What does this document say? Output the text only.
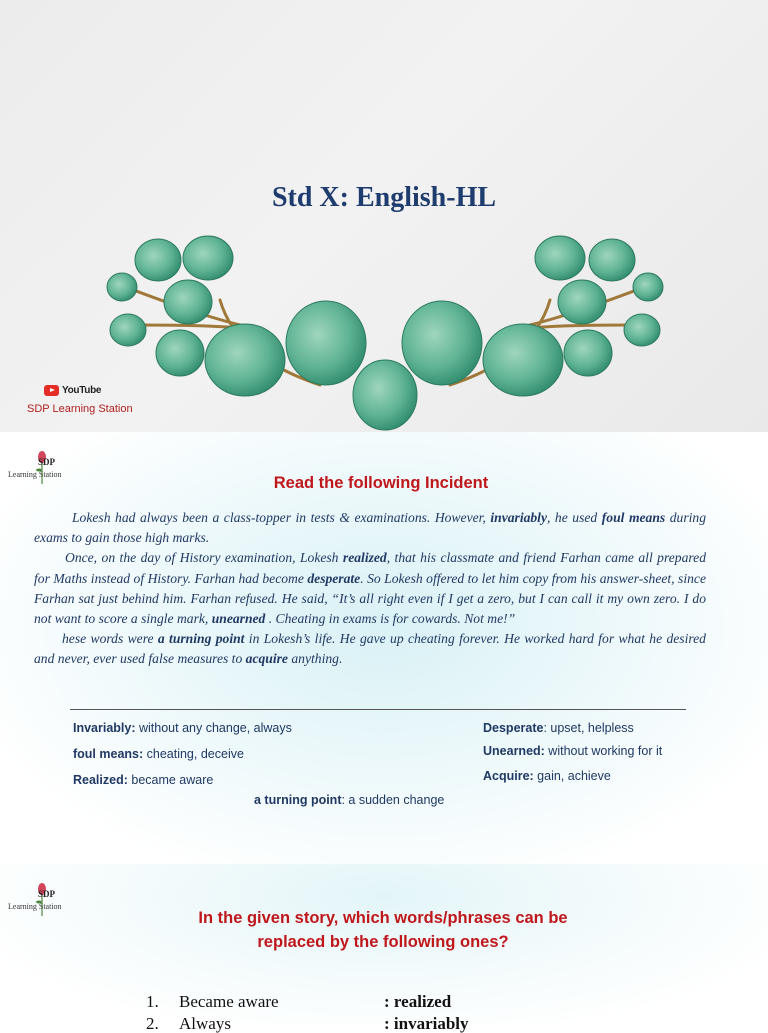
Std X: English-HL
YouTube
SDP Learning Station
SDP
Learning Station	Read the following Incident

Lokesh had always been a class-topper in tests & examinations. However, invariably, he used foul means during exams to gain those high marks.

Once, on the day of History examination, Lokesh realized, that his classmate and friend Farhan came all prepared for Maths instead of History. Farhan had become desperate. So Lokesh offered to let him copy from his answer-sheet, since Farhan sat just behind him. Farhan refused. He said, “It’s all right even if I get a zero, but I can call it my own zero. I do not want to score a single mark, unearned . Cheating in exams is for cowards. Not me!”

hese words were a turning point in Lokesh’s life. He gave up cheating forever. He worked hard for what he desired and never, ever used false measures to acquire anything.

Invariably: without any change, always
foul means: cheating, deceive
Realized: became aware
a turning point: a sudden change
Desperate: upset, helpless
Unearned: without working for it
Acquire: gain, achieve
SDP
Learning Station
In the given story, which words/phrases can be
replaced by the following ones?
1. Became aware	: realized
2. Always	: invariably
